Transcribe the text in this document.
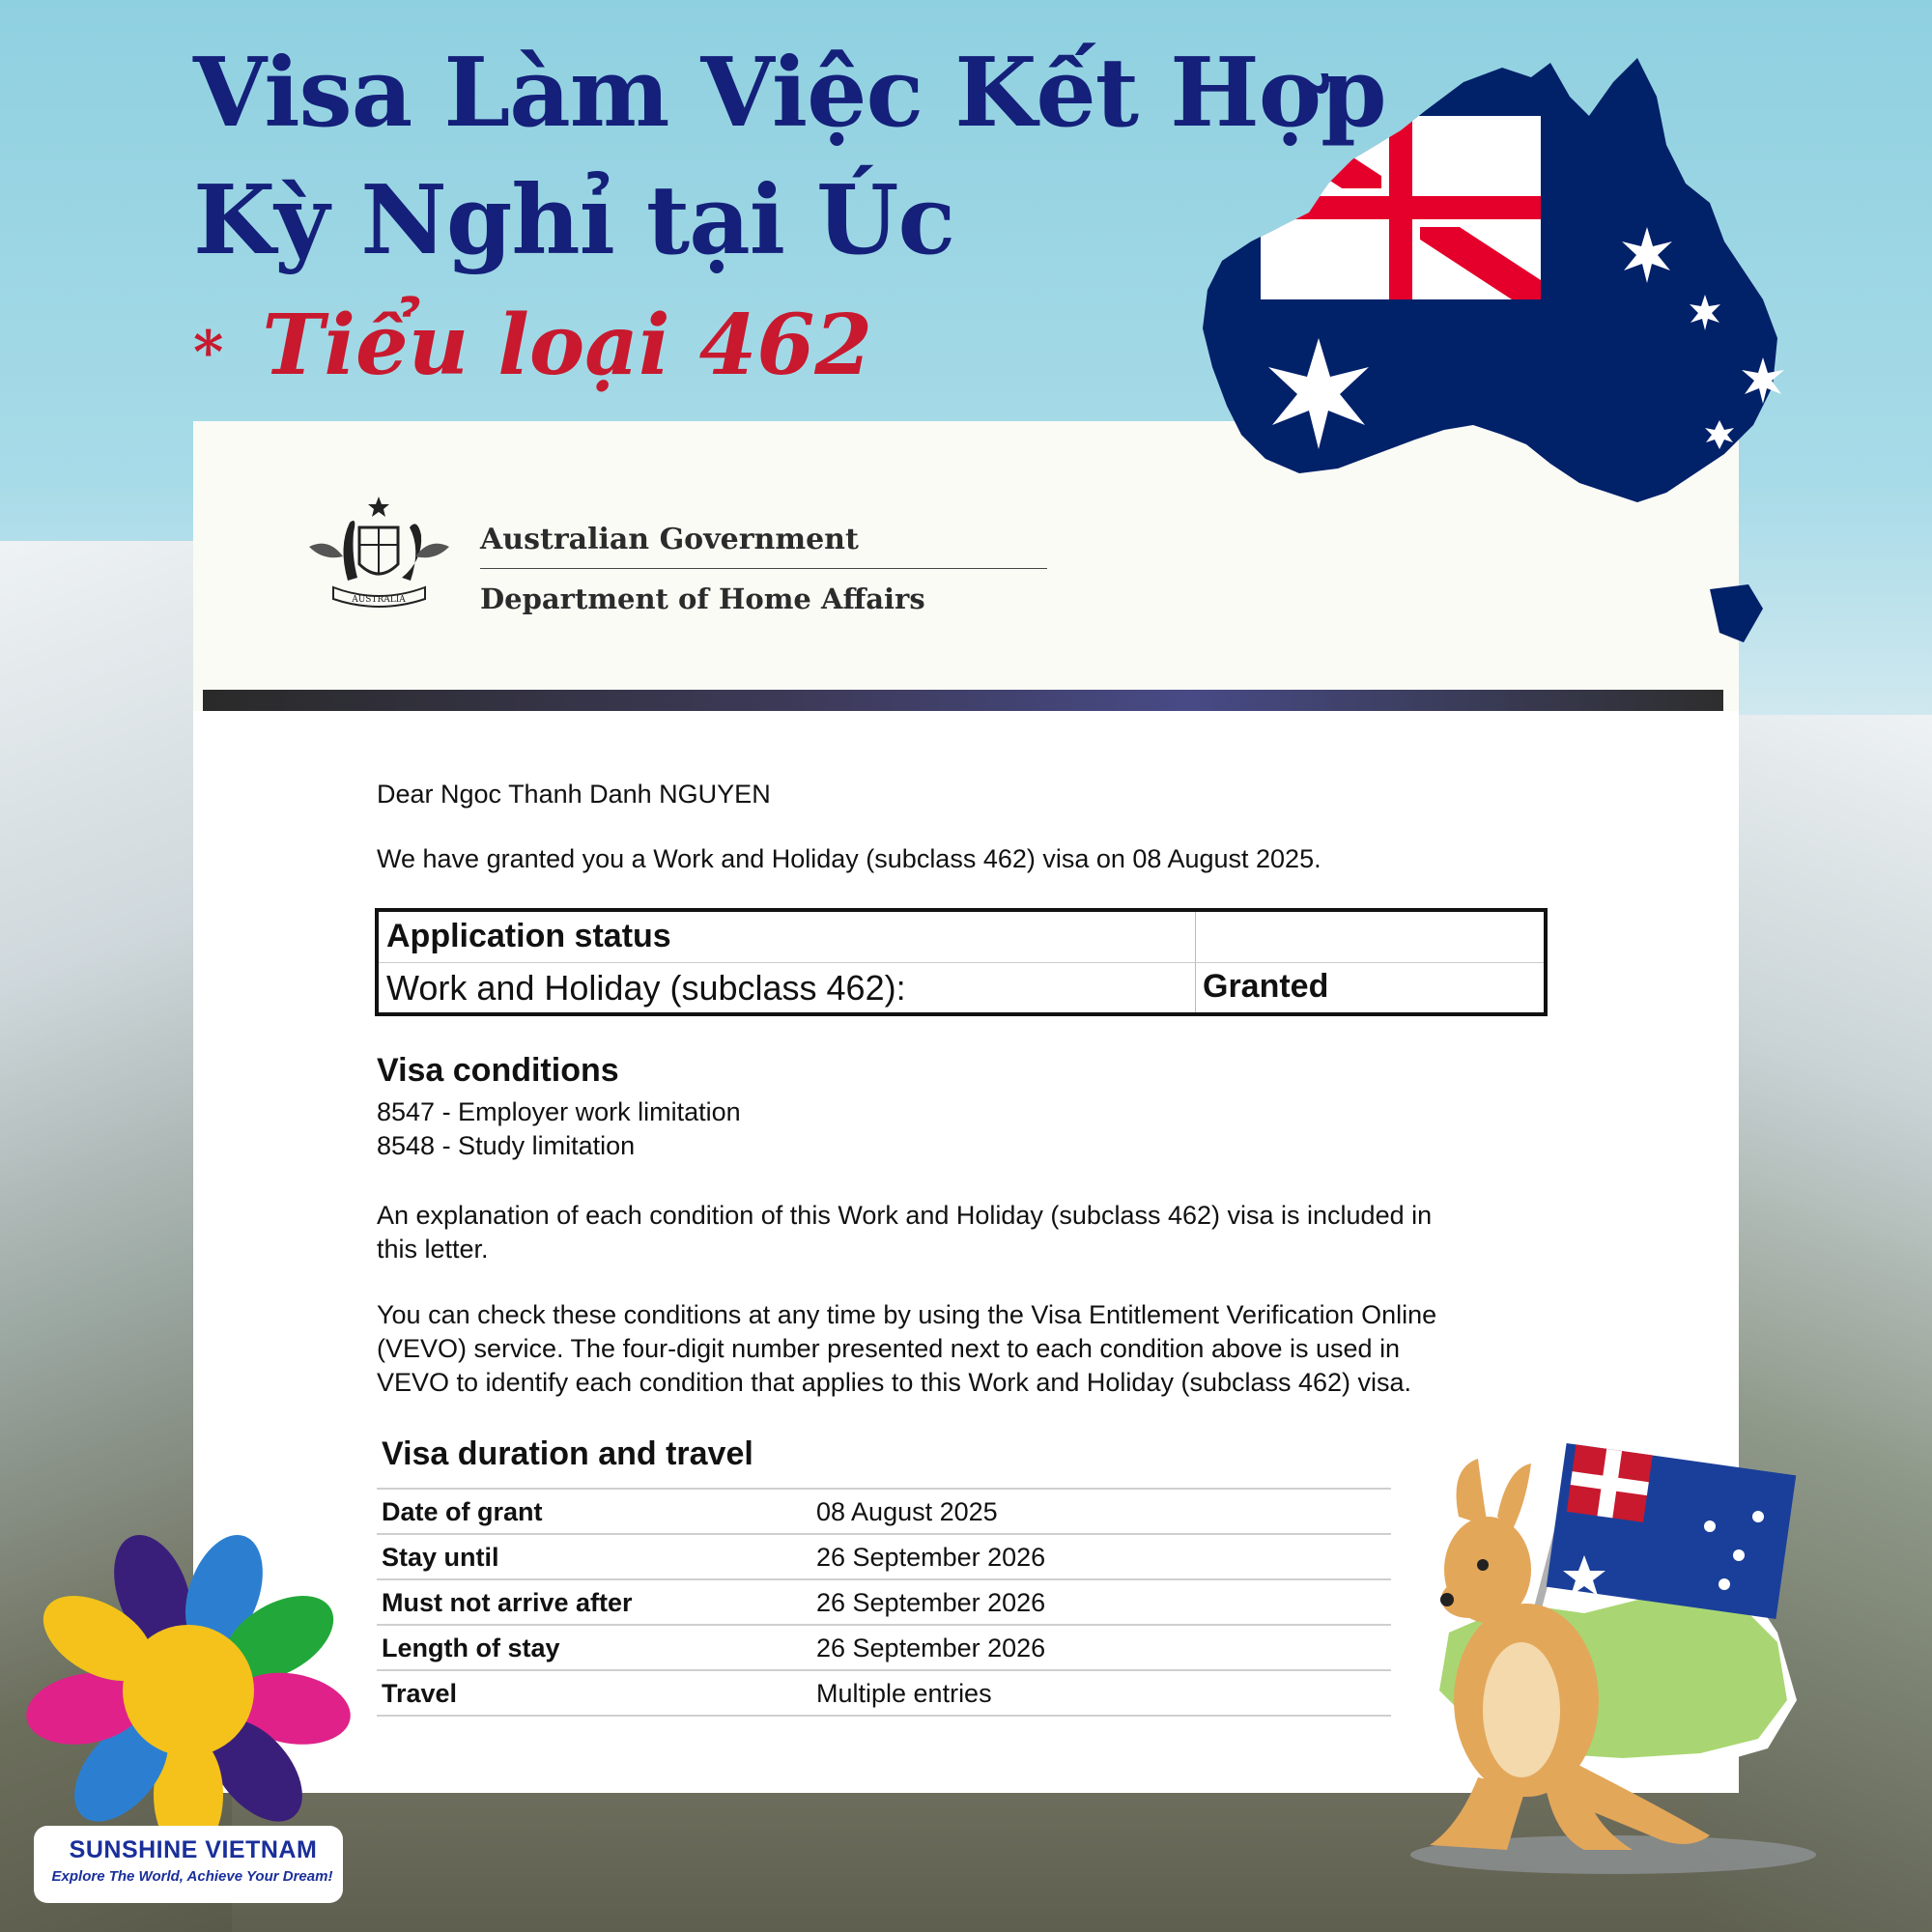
Visa Làm Việc Kết Hợp
Kỳ Nghỉ tại Úc
* Tiểu loại 462
AUSTRALIA
Australian Government
Department of Home Affairs
Dear Ngoc Thanh Danh NGUYEN
We have granted you a Work and Holiday (subclass 462) visa on 08 August 2025.
Application status
Work and Holiday (subclass 462):	Granted
Visa conditions
8547 - Employer work limitation
8548 - Study limitation
An explanation of each condition of this Work and Holiday (subclass 462) visa is included in
this letter.
You can check these conditions at any time by using the Visa Entitlement Verification Online
(VEVO) service. The four-digit number presented next to each condition above is used in
VEVO to identify each condition that applies to this Work and Holiday (subclass 462) visa.
Visa duration and travel
Date of grant	08 August 2025
Stay until	26 September 2026
Must not arrive after	26 September 2026
Length of stay	26 September 2026
Travel	Multiple entries
SUNSHINE VIETNAM
Explore The World, Achieve Your Dream!
